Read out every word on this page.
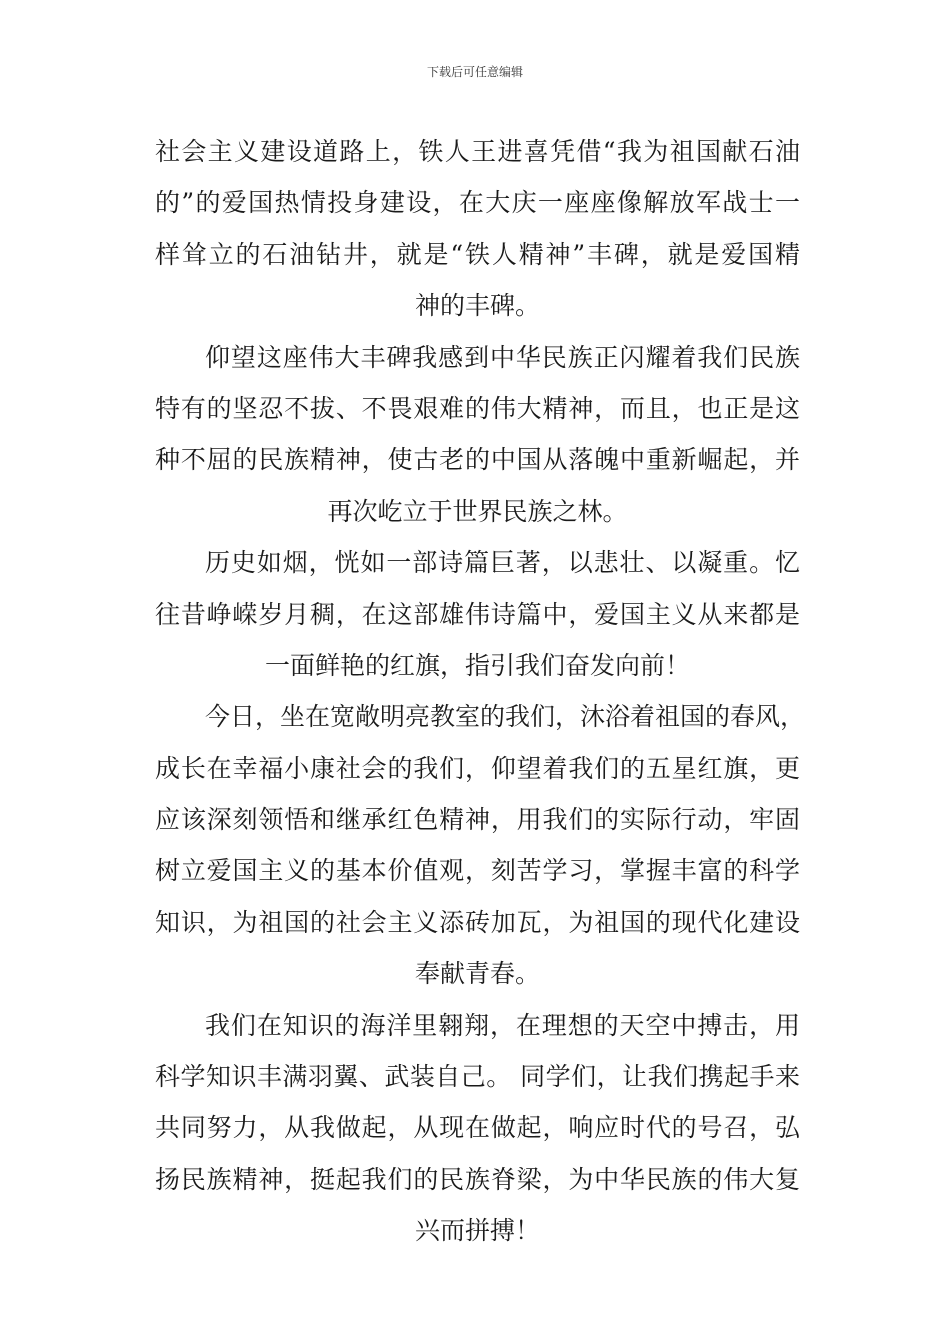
下载后可任意编辑
社会主义建设道路上，铁人王进喜凭借“我为祖国献石油
的”的爱国热情投身建设，在大庆一座座像解放军战士一
样耸立的石油钻井，就是“铁人精神”丰碑，就是爱国精
神的丰碑。
仰望这座伟大丰碑我感到中华民族正闪耀着我们民族
特有的坚忍不拔、不畏艰难的伟大精神，而且，也正是这
种不屈的民族精神，使古老的中国从落魄中重新崛起，并
再次屹立于世界民族之林。
历史如烟，恍如一部诗篇巨著，以悲壮、以凝重。忆
往昔峥嵘岁月稠，在这部雄伟诗篇中，爱国主义从来都是
一面鲜艳的红旗，指引我们奋发向前！
今日，坐在宽敞明亮教室的我们，沐浴着祖国的春风，
成长在幸福小康社会的我们，仰望着我们的五星红旗，更
应该深刻领悟和继承红色精神，用我们的实际行动，牢固
树立爱国主义的基本价值观，刻苦学习，掌握丰富的科学
知识，为祖国的社会主义添砖加瓦，为祖国的现代化建设
奉献青春。
我们在知识的海洋里翱翔，在理想的天空中搏击，用
科学知识丰满羽翼、武装自己。 同学们，让我们携起手来
共同努力，从我做起，从现在做起，响应时代的号召，弘
扬民族精神，挺起我们的民族脊梁，为中华民族的伟大复
兴而拼搏！
